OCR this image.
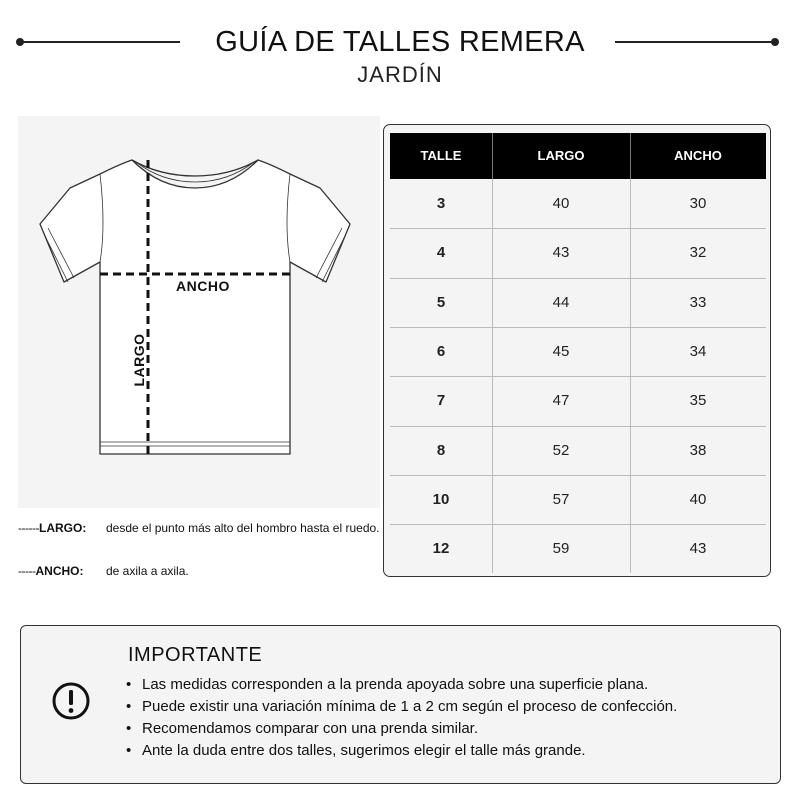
GUÍA DE TALLES REMERA
JARDÍN
ANCHO
LARGO
------LARGO: desde el punto más alto del hombro hasta el ruedo.
-----ANCHO: de axila a axila.
TALLE	LARGO	ANCHO
3	40	30
4	43	32
5	44	33
6	45	34
7	47	35
8	52	38
10	57	40
12	59	43
IMPORTANTE
• Las medidas corresponden a la prenda apoyada sobre una superficie plana.
• Puede existir una variación mínima de 1 a 2 cm según el proceso de confección.
• Recomendamos comparar con una prenda similar.
• Ante la duda entre dos talles, sugerimos elegir el talle más grande.
